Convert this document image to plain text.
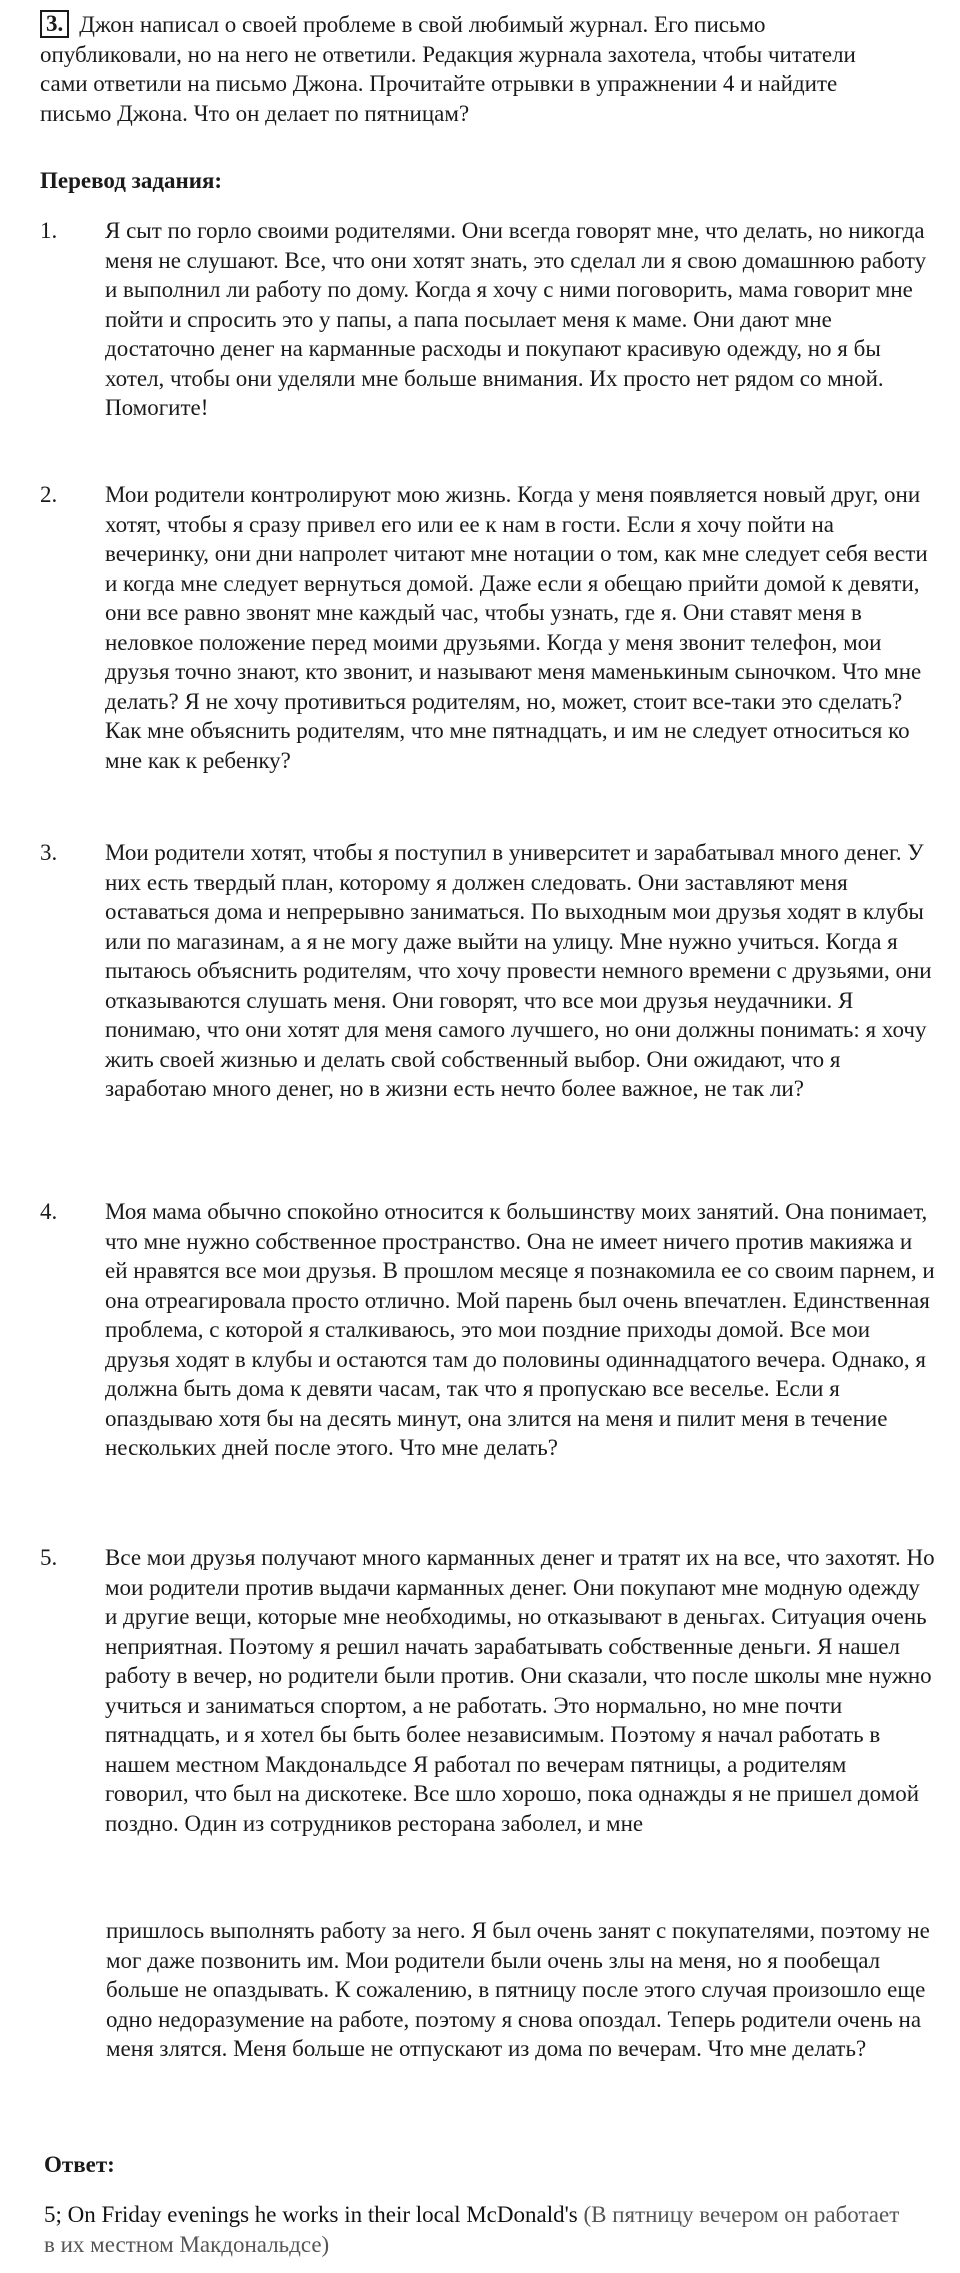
3. Джон написал о своей проблеме в свой любимый журнал. Его письмо опубликовали, но на него не ответили. Редакция журнала захотела, чтобы читатели сами ответили на письмо Джона. Прочитайте отрывки в упражнении 4 и найдите письмо Джона. Что он делает по пятницам?

Перевод задания:

1.	Я сыт по горло своими родителями. Они всегда говорят мне, что делать, но никогда меня не слушают. Все, что они хотят знать, это сделал ли я свою домашнюю работу и выполнил ли работу по дому. Когда я хочу с ними поговорить, мама говорит мне пойти и спросить это у папы, а папа посылает меня к маме. Они дают мне достаточно денег на карманные расходы и покупают красивую одежду, но я бы хотел, чтобы они уделяли мне больше внимания. Их просто нет рядом со мной. Помогите!

2.	Мои родители контролируют мою жизнь. Когда у меня появляется новый друг, они хотят, чтобы я сразу привел его или ее к нам в гости. Если я хочу пойти на вечеринку, они дни напролет читают мне нотации о том, как мне следует себя вести и когда мне следует вернуться домой. Даже если я обещаю прийти домой к девяти, они все равно звонят мне каждый час, чтобы узнать, где я. Они ставят меня в неловкое положение перед моими друзьями. Когда у меня звонит телефон, мои друзья точно знают, кто звонит, и называют меня маменькиным сыночком. Что мне делать? Я не хочу противиться родителям, но, может, стоит все-таки это сделать? Как мне объяснить родителям, что мне пятнадцать, и им не следует относиться ко мне как к ребенку?

3.	Мои родители хотят, чтобы я поступил в университет и зарабатывал много денег. У них есть твердый план, которому я должен следовать. Они заставляют меня оставаться дома и непрерывно заниматься. По выходным мои друзья ходят в клубы или по магазинам, а я не могу даже выйти на улицу. Мне нужно учиться. Когда я пытаюсь объяснить родителям, что хочу провести немного времени с друзьями, они отказываются слушать меня. Они говорят, что все мои друзья неудачники. Я понимаю, что они хотят для меня самого лучшего, но они должны понимать: я хочу жить своей жизнью и делать свой собственный выбор. Они ожидают, что я заработаю много денег, но в жизни есть нечто более важное, не так ли?

4.	Моя мама обычно спокойно относится к большинству моих занятий. Она понимает, что мне нужно собственное пространство. Она не имеет ничего против макияжа и ей нравятся все мои друзья. В прошлом месяце я познакомила ее со своим парнем, и она отреагировала просто отлично. Мой парень был очень впечатлен. Единственная проблема, с которой я сталкиваюсь, это мои поздние приходы домой. Все мои друзья ходят в клубы и остаются там до половины одиннадцатого вечера. Однако, я должна быть дома к девяти часам, так что я пропускаю все веселье. Если я опаздываю хотя бы на десять минут, она злится на меня и пилит меня в течение нескольких дней после этого. Что мне делать?

5.	Все мои друзья получают много карманных денег и тратят их на все, что захотят. Но мои родители против выдачи карманных денег. Они покупают мне модную одежду и другие вещи, которые мне необходимы, но отказывают в деньгах. Ситуация очень неприятная. Поэтому я решил начать зарабатывать собственные деньги. Я нашел работу в вечер, но родители были против. Они сказали, что после школы мне нужно учиться и заниматься спортом, а не работать. Это нормально, но мне почти пятнадцать, и я хотел бы быть более независимым. Поэтому я начал работать в нашем местном Макдональдсе Я работал по вечерам пятницы, а родителям говорил, что был на дискотеке. Все шло хорошо, пока однажды я не пришел домой поздно. Один из сотрудников ресторана заболел, и мне

пришлось выполнять работу за него. Я был очень занят с покупателями, поэтому не мог даже позвонить им. Мои родители были очень злы на меня, но я пообещал больше не опаздывать. К сожалению, в пятницу после этого случая произошло еще одно недоразумение на работе, поэтому я снова опоздал. Теперь родители очень на меня злятся. Меня больше не отпускают из дома по вечерам. Что мне делать?

Ответ:

5; On Friday evenings he works in their local McDonald's (В пятницу вечером он работает в их местном Макдональдсе)
